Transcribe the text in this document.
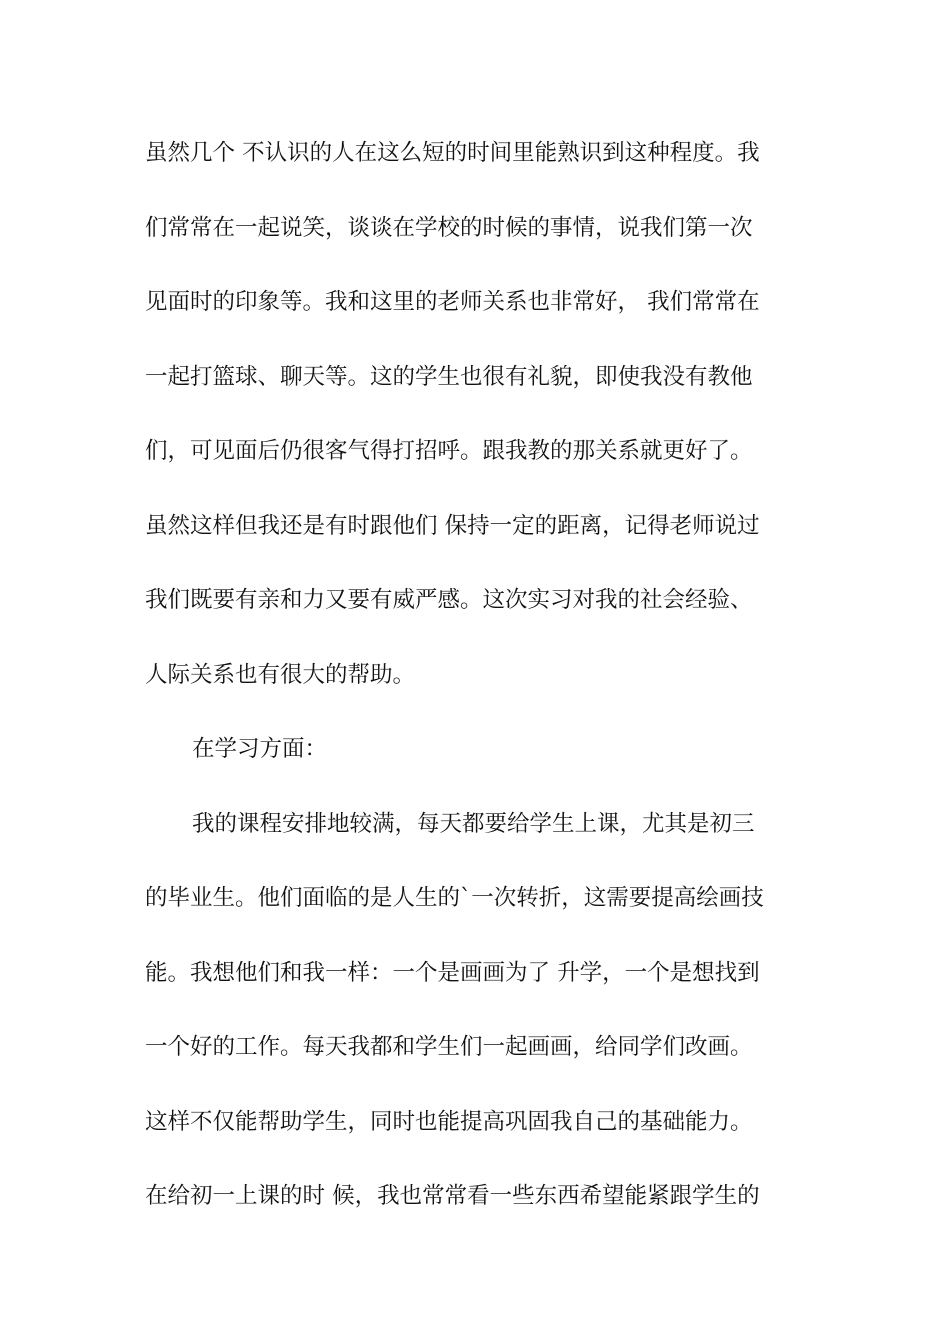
虽然几个 不认识的人在这么短的时间里能熟识到这种程度。我
们常常在一起说笑，谈谈在学校的时候的事情，说我们第一次
见面时的印象等。我和这里的老师关系也非常好， 我们常常在
一起打篮球、聊天等。这的学生也很有礼貌，即使我没有教他
们，可见面后仍很客气得打招呼。跟我教的那关系就更好了。
虽然这样但我还是有时跟他们 保持一定的距离，记得老师说过
我们既要有亲和力又要有威严感。这次实习对我的社会经验、
人际关系也有很大的帮助。
在学习方面：
我的课程安排地较满，每天都要给学生上课，尤其是初三
的毕业生。他们面临的是人生的`一次转折，这需要提高绘画技
能。我想他们和我一样：一个是画画为了 升学，一个是想找到
一个好的工作。每天我都和学生们一起画画，给同学们改画。
这样不仅能帮助学生，同时也能提高巩固我自己的基础能力。
在给初一上课的时 候，我也常常看一些东西希望能紧跟学生的
